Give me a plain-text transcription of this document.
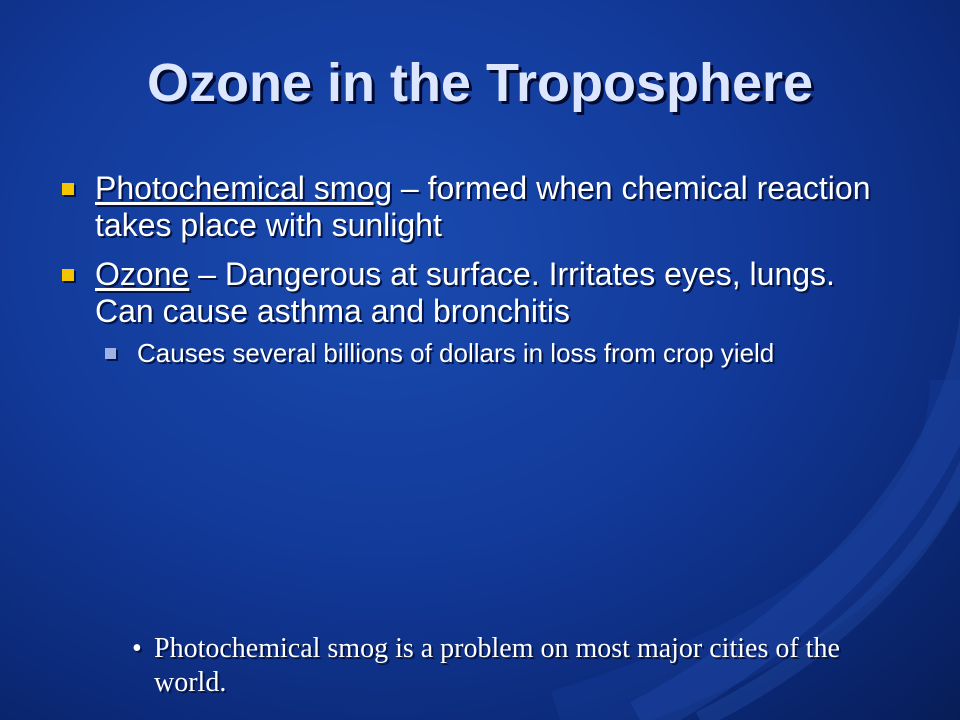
Ozone in the Troposphere
Photochemical smog – formed when chemical reaction takes place with sunlight
Ozone – Dangerous at surface. Irritates eyes, lungs. Can cause asthma and bronchitis
Causes several billions of dollars in loss from crop yield
• Photochemical smog is a problem on most major cities of the world.
